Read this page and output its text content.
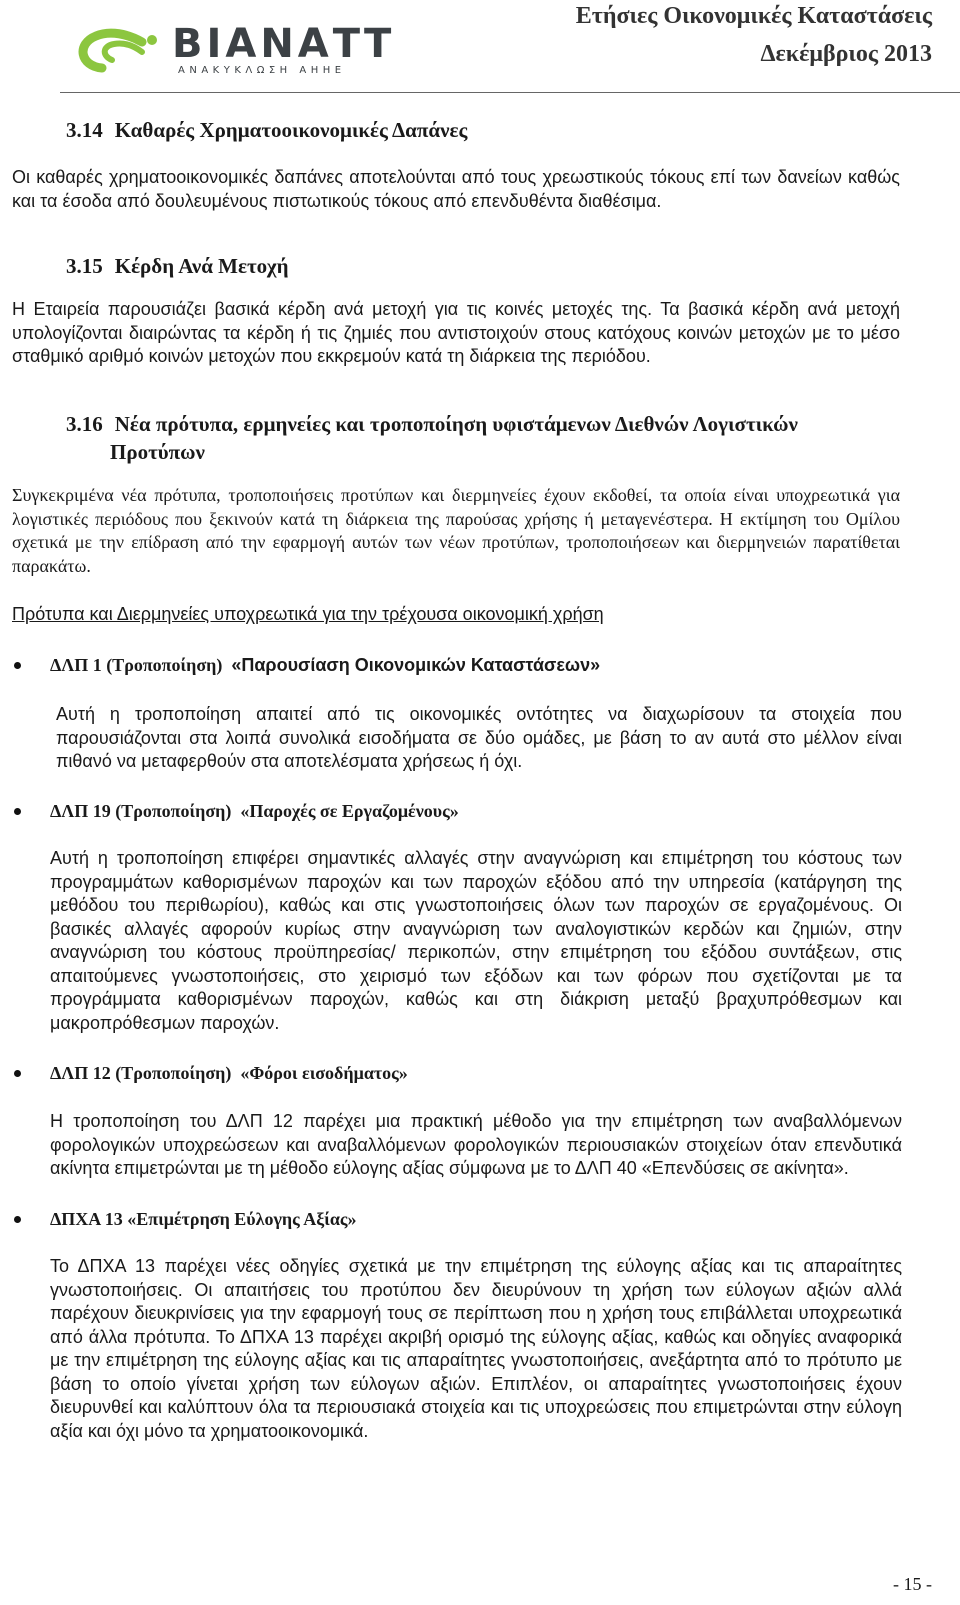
ΒΙΑΝΑΤΤ
ΑΝΑΚΥΚΛΩΣΗ ΑΗΗΕ
Ετήσιες Οικονομικές Καταστάσεις
Δεκέμβριος 2013
3.14 Καθαρές Χρηματοοικονομικές Δαπάνες
Οι καθαρές χρηματοοικονομικές δαπάνες αποτελούνται από τους χρεωστικούς τόκους επί των δανείων καθώς και τα έσοδα από δουλευμένους πιστωτικούς τόκους από επενδυθέντα διαθέσιμα.
3.15 Κέρδη Ανά Μετοχή
Η Εταιρεία παρουσιάζει βασικά κέρδη ανά μετοχή για τις κοινές μετοχές της. Τα βασικά κέρδη ανά μετοχή υπολογίζονται διαιρώντας τα κέρδη ή τις ζημιές που αντιστοιχούν στους κατόχους κοινών μετοχών με το μέσο σταθμικό αριθμό κοινών μετοχών που εκκρεμούν κατά τη διάρκεια της περιόδου.
3.16 Νέα πρότυπα, ερμηνείες και τροποποίηση υφιστάμενων Διεθνών Λογιστικών
Προτύπων
Συγκεκριμένα νέα πρότυπα, τροποποιήσεις προτύπων και διερμηνείες έχουν εκδοθεί, τα οποία είναι υποχρεωτικά για λογιστικές περιόδους που ξεκινούν κατά τη διάρκεια της παρούσας χρήσης ή μεταγενέστερα. Η εκτίμηση του Ομίλου σχετικά με την επίδραση από την εφαρμογή αυτών των νέων προτύπων, τροποποιήσεων και διερμηνειών παρατίθεται παρακάτω.
Πρότυπα και Διερμηνείες υποχρεωτικά για την τρέχουσα οικονομική χρήση
ΔΛΠ 1 (Τροποποίηση) «Παρουσίαση Οικονομικών Καταστάσεων»
Αυτή η τροποποίηση απαιτεί από τις οικονομικές οντότητες να διαχωρίσουν τα στοιχεία που παρουσιάζονται στα λοιπά συνολικά εισοδήματα σε δύο ομάδες, με βάση το αν αυτά στο μέλλον είναι πιθανό να μεταφερθούν στα αποτελέσματα χρήσεως ή όχι.
ΔΛΠ 19 (Τροποποίηση) «Παροχές σε Εργαζομένους»
Αυτή η τροποποίηση επιφέρει σημαντικές αλλαγές στην αναγνώριση και επιμέτρηση του κόστους των προγραμμάτων καθορισμένων παροχών και των παροχών εξόδου από την υπηρεσία (κατάργηση της μεθόδου του περιθωρίου), καθώς και στις γνωστοποιήσεις όλων των παροχών σε εργαζομένους. Οι βασικές αλλαγές αφορούν κυρίως στην αναγνώριση των αναλογιστικών κερδών και ζημιών, στην αναγνώριση του κόστους προϋπηρεσίας/ περικοπών, στην επιμέτρηση του εξόδου συντάξεων, στις απαιτούμενες γνωστοποιήσεις, στο χειρισμό των εξόδων και των φόρων που σχετίζονται με τα προγράμματα καθορισμένων παροχών, καθώς και στη διάκριση μεταξύ βραχυπρόθεσμων και μακροπρόθεσμων παροχών.
ΔΛΠ 12 (Τροποποίηση) «Φόροι εισοδήματος»
Η τροποποίηση του ΔΛΠ 12 παρέχει μια πρακτική μέθοδο για την επιμέτρηση των αναβαλλόμενων φορολογικών υποχρεώσεων και αναβαλλόμενων φορολογικών περιουσιακών στοιχείων όταν επενδυτικά ακίνητα επιμετρώνται με τη μέθοδο εύλογης αξίας σύμφωνα με το ΔΛΠ 40 «Επενδύσεις σε ακίνητα».
ΔΠΧΑ 13 «Επιμέτρηση Εύλογης Αξίας»
Το ΔΠΧΑ 13 παρέχει νέες οδηγίες σχετικά με την επιμέτρηση της εύλογης αξίας και τις απαραίτητες γνωστοποιήσεις. Οι απαιτήσεις του προτύπου δεν διευρύνουν τη χρήση των εύλογων αξιών αλλά παρέχουν διευκρινίσεις για την εφαρμογή τους σε περίπτωση που η χρήση τους επιβάλλεται υποχρεωτικά από άλλα πρότυπα. Το ΔΠΧΑ 13 παρέχει ακριβή ορισμό της εύλογης αξίας, καθώς και οδηγίες αναφορικά με την επιμέτρηση της εύλογης αξίας και τις απαραίτητες γνωστοποιήσεις, ανεξάρτητα από το πρότυπο με βάση το οποίο γίνεται χρήση των εύλογων αξιών. Επιπλέον, οι απαραίτητες γνωστοποιήσεις έχουν διευρυνθεί και καλύπτουν όλα τα περιουσιακά στοιχεία και τις υποχρεώσεις που επιμετρώνται στην εύλογη αξία και όχι μόνο τα χρηματοοικονομικά.
- 15 -
